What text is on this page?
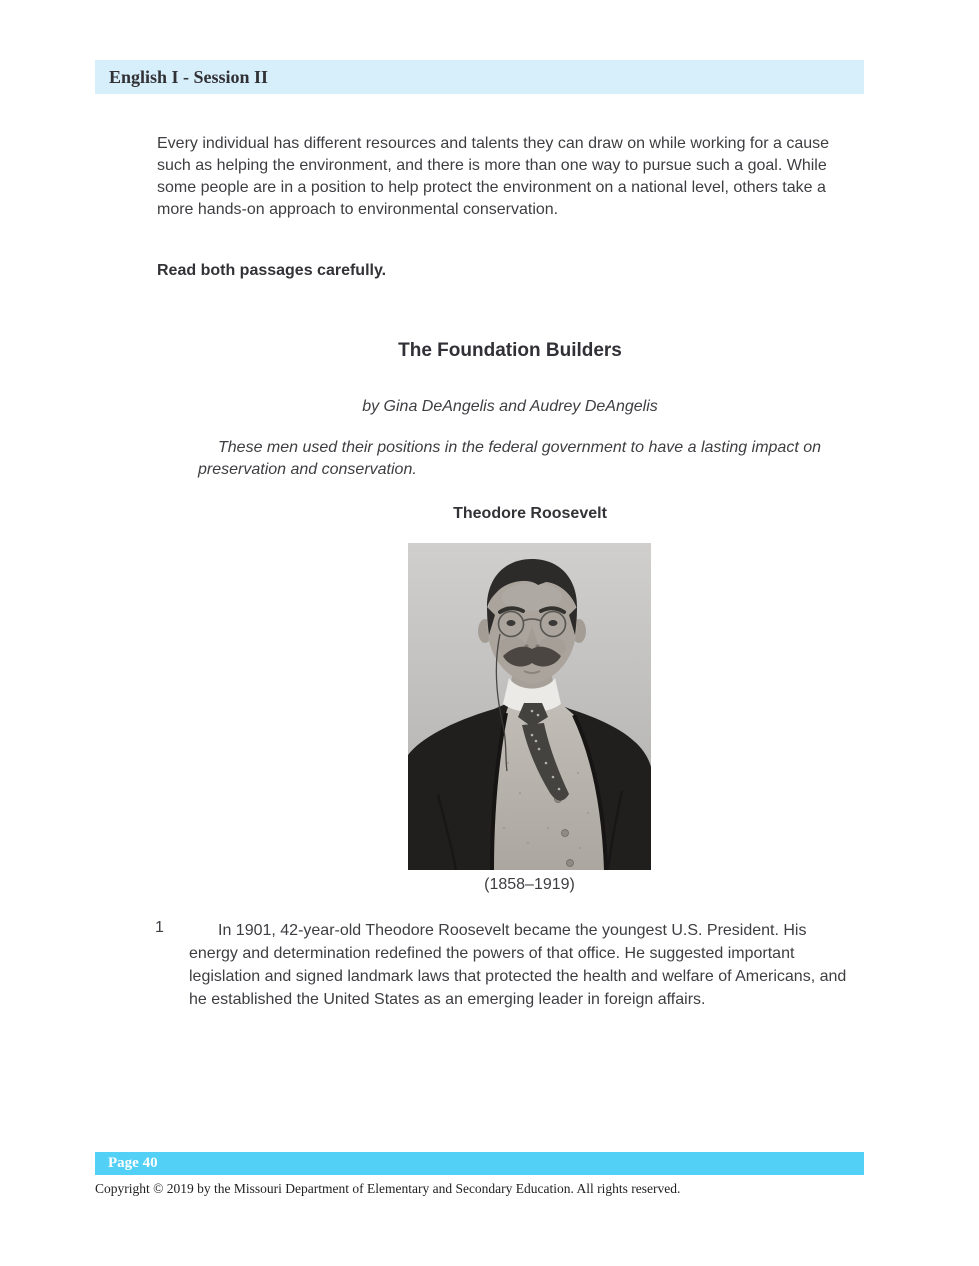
English I - Session II
Every individual has different resources and talents they can draw on while working for a cause such as helping the environment, and there is more than one way to pursue such a goal. While some people are in a position to help protect the environment on a national level, others take a more hands-on approach to environmental conservation.
Read both passages carefully.
The Foundation Builders
by Gina DeAngelis and Audrey DeAngelis
These men used their positions in the federal government to have a lasting impact on preservation and conservation.
Theodore Roosevelt
(1858–1919)
1	In 1901, 42-year-old Theodore Roosevelt became the youngest U.S. President. His energy and determination redefined the powers of that office. He suggested important legislation and signed landmark laws that protected the health and welfare of Americans, and he established the United States as an emerging leader in foreign affairs.
Page 40
Copyright © 2019 by the Missouri Department of Elementary and Secondary Education. All rights reserved.
